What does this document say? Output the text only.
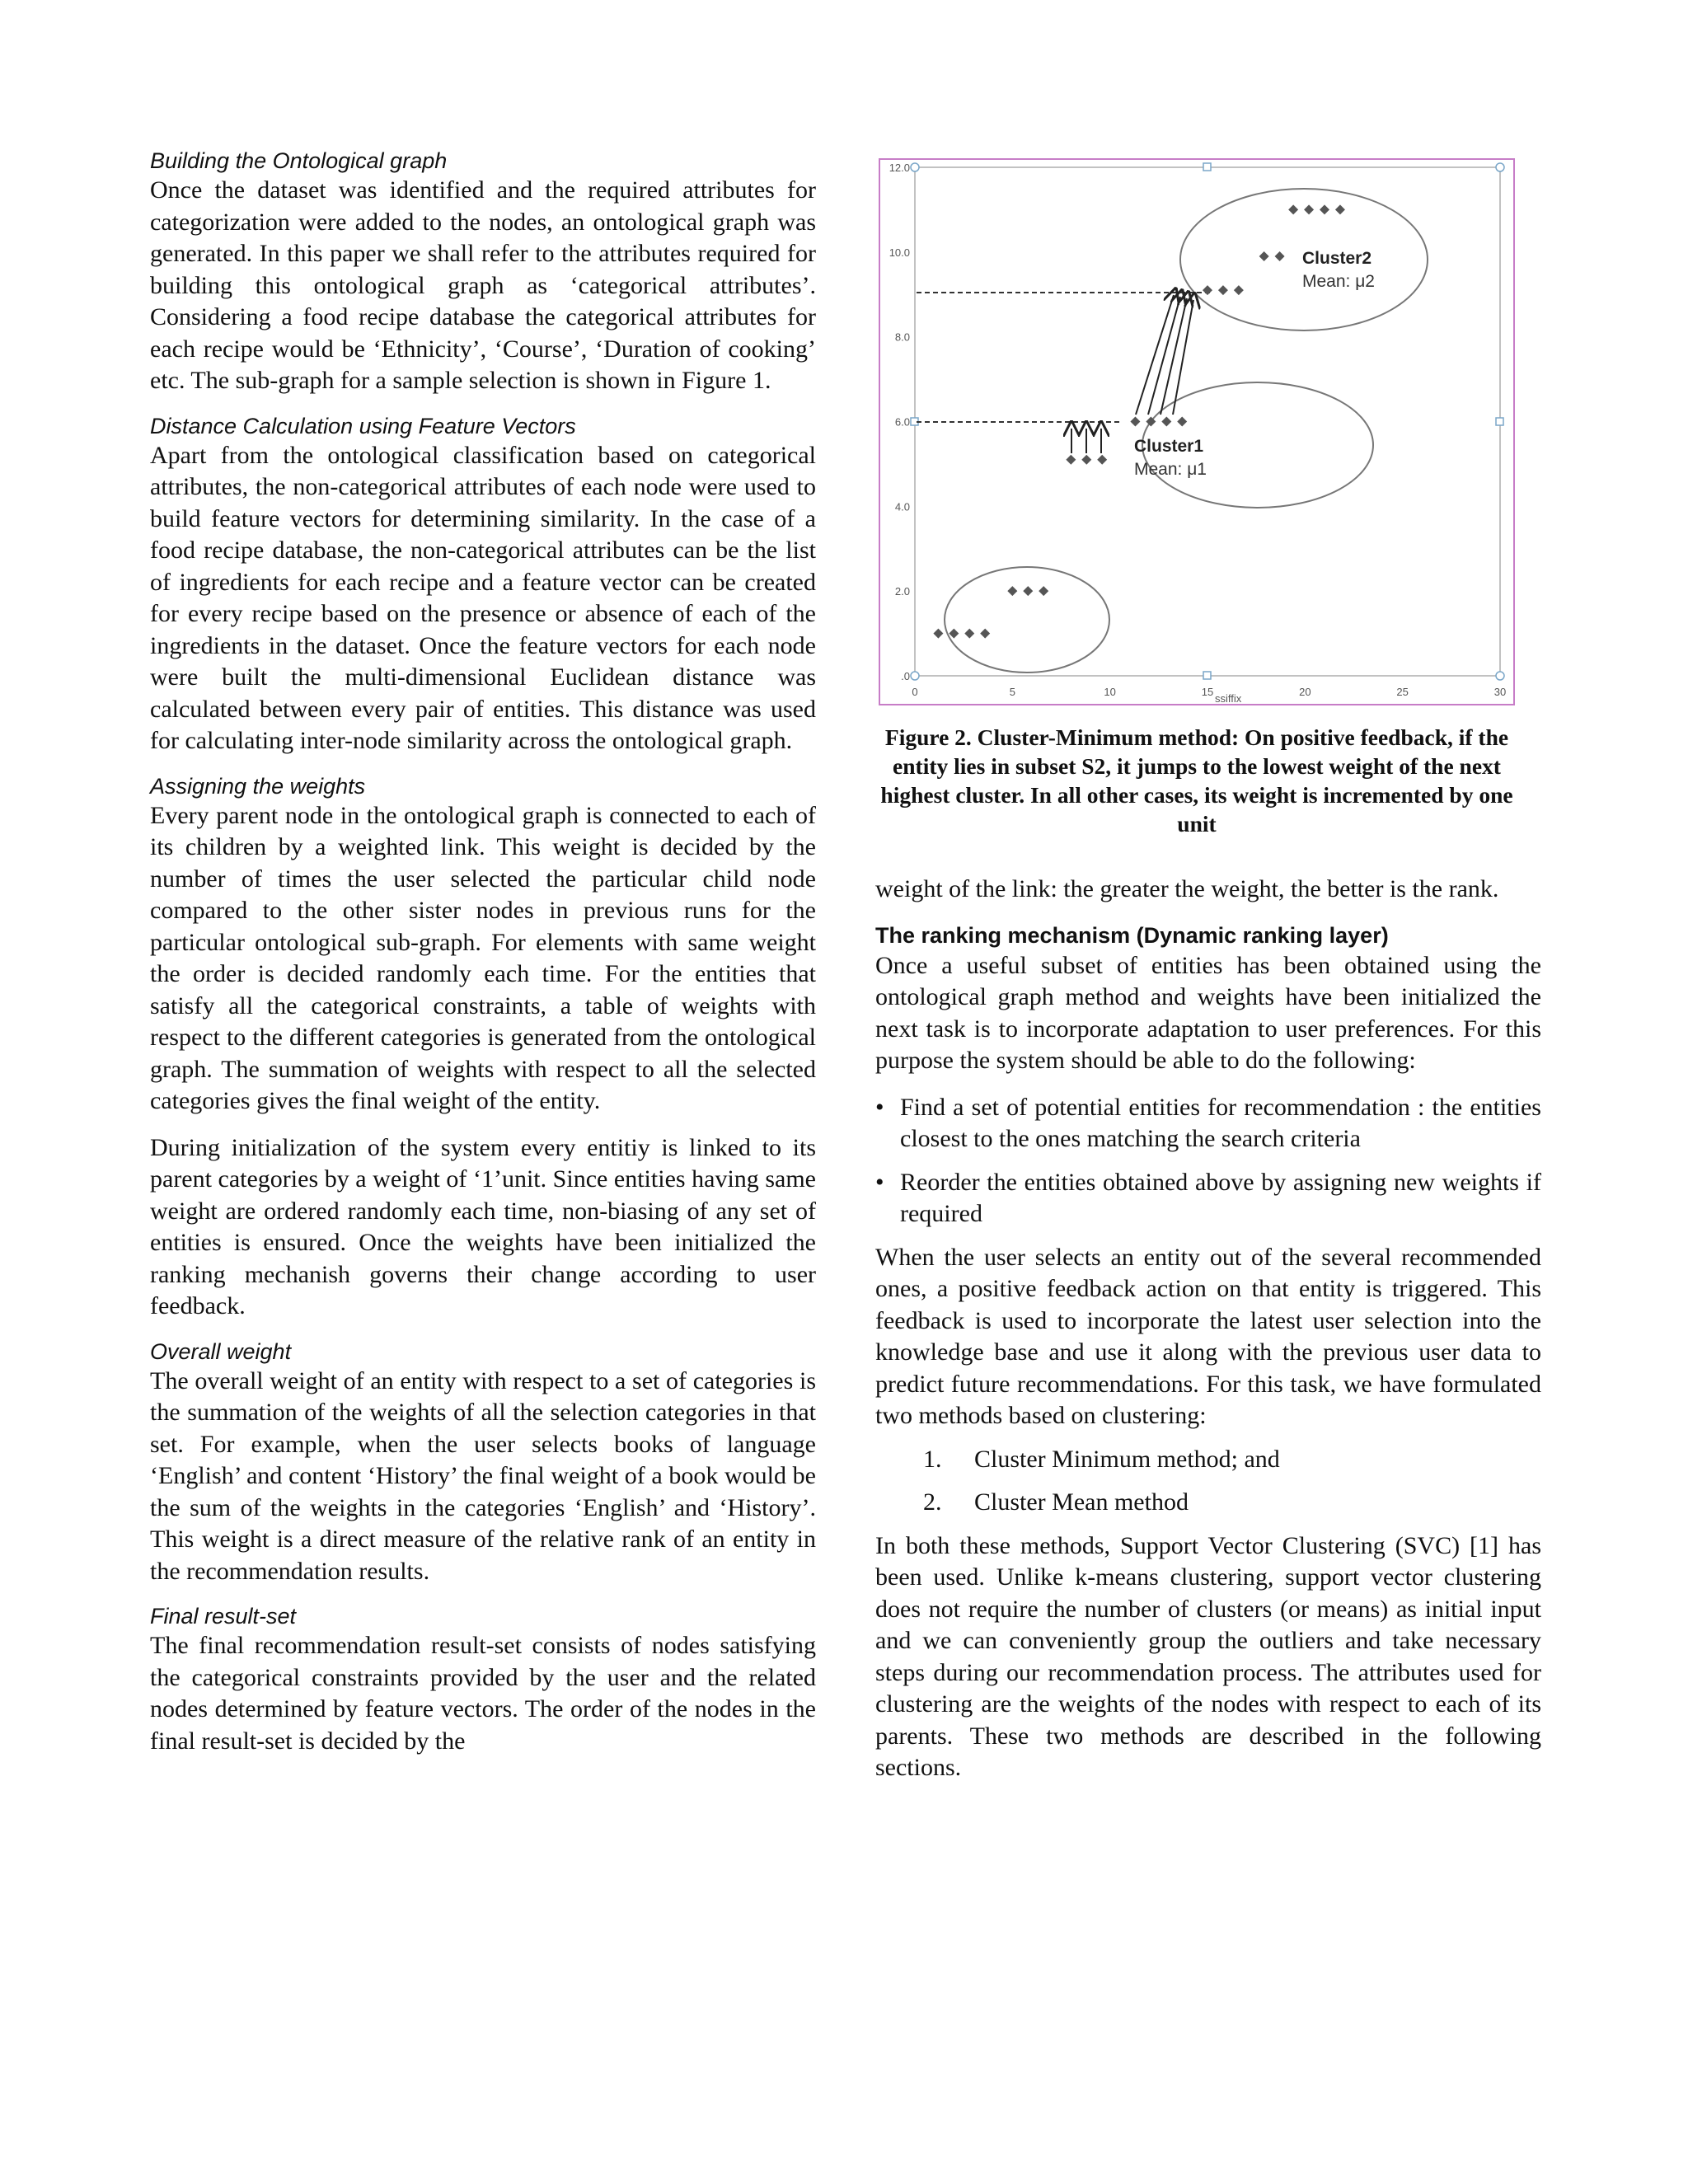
Building the Ontological graph

Once the dataset was identified and the required attributes for categorization were added to the nodes, an ontological graph was generated. In this paper we shall refer to the attributes required for building this ontological graph as ‘categorical attributes’. Considering a food recipe database the categorical attributes for each recipe would be ‘Ethnicity’, ‘Course’, ‘Duration of cooking’ etc. The sub-graph for a sample selection is shown in Figure 1.

Distance Calculation using Feature Vectors

Apart from the ontological classification based on categorical attributes, the non-categorical attributes of each node were used to build feature vectors for determining similarity. In the case of a food recipe database, the non-categorical attributes can be the list of ingredients for each recipe and a feature vector can be created for every recipe based on the presence or absence of each of the ingredients in the dataset. Once the feature vectors for each node were built the multi-dimensional Euclidean distance was calculated between every pair of entities. This distance was used for calculating inter-node similarity across the ontological graph.

Assigning the weights

Every parent node in the ontological graph is connected to each of its children by a weighted link. This weight is decided by the number of times the user selected the particular child node compared to the other sister nodes in previous runs for the particular ontological sub-graph. For elements with same weight the order is decided randomly each time. For the entities that satisfy all the categorical constraints, a table of weights with respect to the different categories is generated from the ontological graph. The summation of weights with respect to all the selected categories gives the final weight of the entity.

During initialization of the system every entitiy is linked to its parent categories by a weight of ‘1’unit. Since entities having same weight are ordered randomly each time, non-biasing of any set of entities is ensured. Once the weights have been initialized the ranking mechanish governs their change according to user feedback.

Overall weight

The overall weight of an entity with respect to a set of categories is the summation of the weights of all the selection categories in that set. For example, when the user selects books of language ‘English’ and content ‘History’ the final weight of a book would be the sum of the weights in the categories ‘English’ and ‘History’. This weight is a direct measure of the relative rank of an entity in the recommendation results.

Final result-set

The final recommendation result-set consists of nodes satisfying the categorical constraints provided by the user and the related nodes determined by feature vectors. The order of the nodes in the final result-set is decided by the

0	5	10	15	20	25	30
.0
2.0
4.0
6.0
8.0
10.0
12.0
Cluster1
Mean: μ1
Cluster2
Mean: μ2
ssiffix
Figure 2. Cluster-Minimum method: On positive feedback, if the entity lies in subset S2, it jumps to the lowest weight of the next highest cluster. In all other cases, its weight is incremented by one unit

weight of the link: the greater the weight, the better is the rank.

The ranking mechanism (Dynamic ranking layer)

Once a useful subset of entities has been obtained using the ontological graph method and weights have been initialized the next task is to incorporate adaptation to user preferences. For this purpose the system should be able to do the following:

• Find a set of potential entities for recommendation : the entities closest to the ones matching the search criteria
• Reorder the entities obtained above by assigning new weights if required

When the user selects an entity out of the several recommended ones, a positive feedback action on that entity is triggered. This feedback is used to incorporate the latest user selection into the knowledge base and use it along with the previous user data to predict future recommendations. For this task, we have formulated two methods based on clustering:

1. Cluster Minimum method; and
2. Cluster Mean method

In both these methods, Support Vector Clustering (SVC) [1] has been used. Unlike k-means clustering, support vector clustering does not require the number of clusters (or means) as initial input and we can conveniently group the outliers and take necessary steps during our recommendation process. The attributes used for clustering are the weights of the nodes with respect to each of its parents. These two methods are described in the following sections.
